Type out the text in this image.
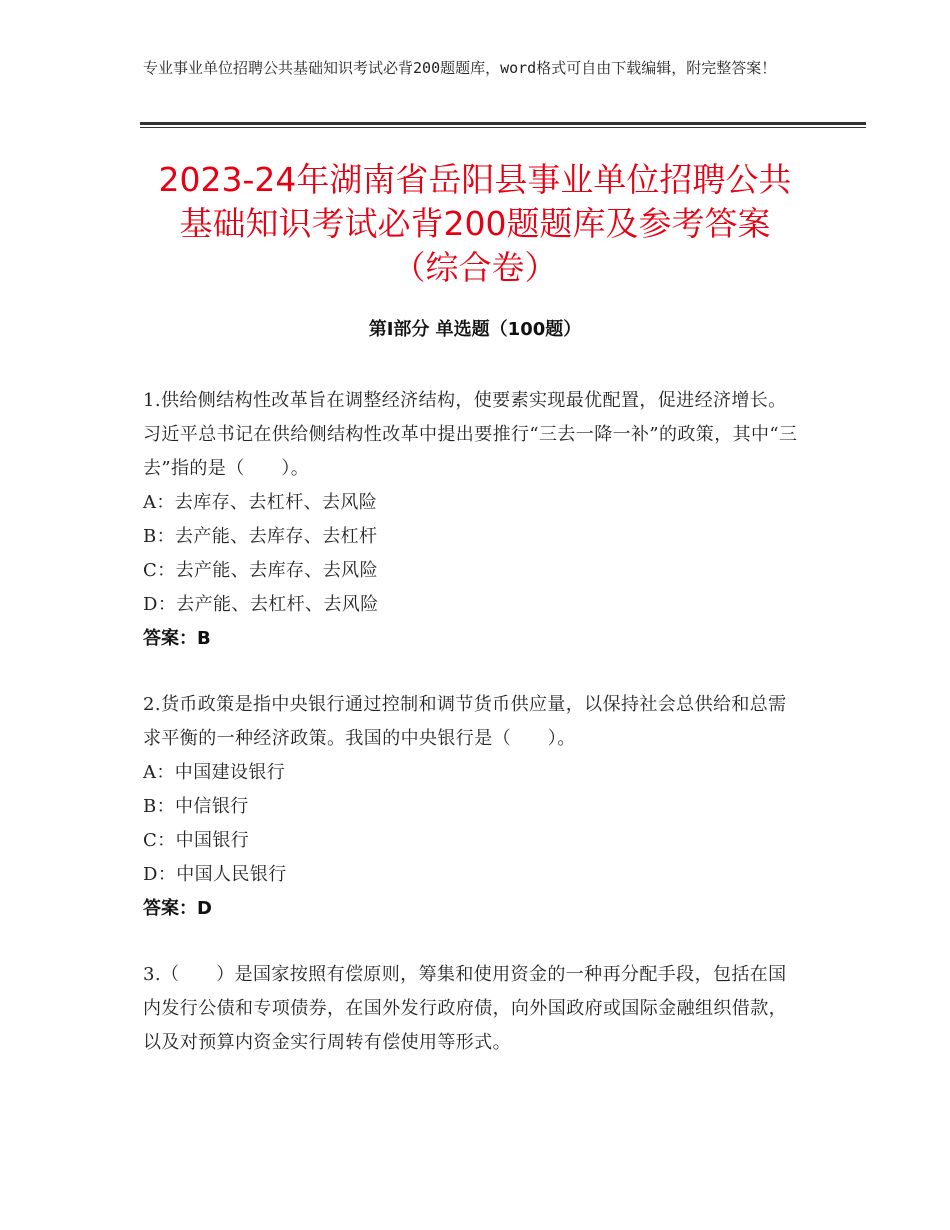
专业事业单位招聘公共基础知识考试必背200题题库，word格式可自由下载编辑，附完整答案！
2023-24年湖南省岳阳县事业单位招聘公共
基础知识考试必背200题题库及参考答案
（综合卷）
第Ⅰ部分 单选题（100题）
1.供给侧结构性改革旨在调整经济结构，使要素实现最优配置，促进经济增长。习近平总书记在供给侧结构性改革中提出要推行“三去一降一补”的政策，其中“三去”指的是（　　）。
A：去库存、去杠杆、去风险
B：去产能、去库存、去杠杆
C：去产能、去库存、去风险
D：去产能、去杠杆、去风险
答案：B
2.货币政策是指中央银行通过控制和调节货币供应量，以保持社会总供给和总需求平衡的一种经济政策。我国的中央银行是（　　）。
A：中国建设银行
B：中信银行
C：中国银行
D：中国人民银行
答案：D
3.（　　）是国家按照有偿原则，筹集和使用资金的一种再分配手段，包括在国内发行公债和专项债券，在国外发行政府债，向外国政府或国际金融组织借款，以及对预算内资金实行周转有偿使用等形式。
